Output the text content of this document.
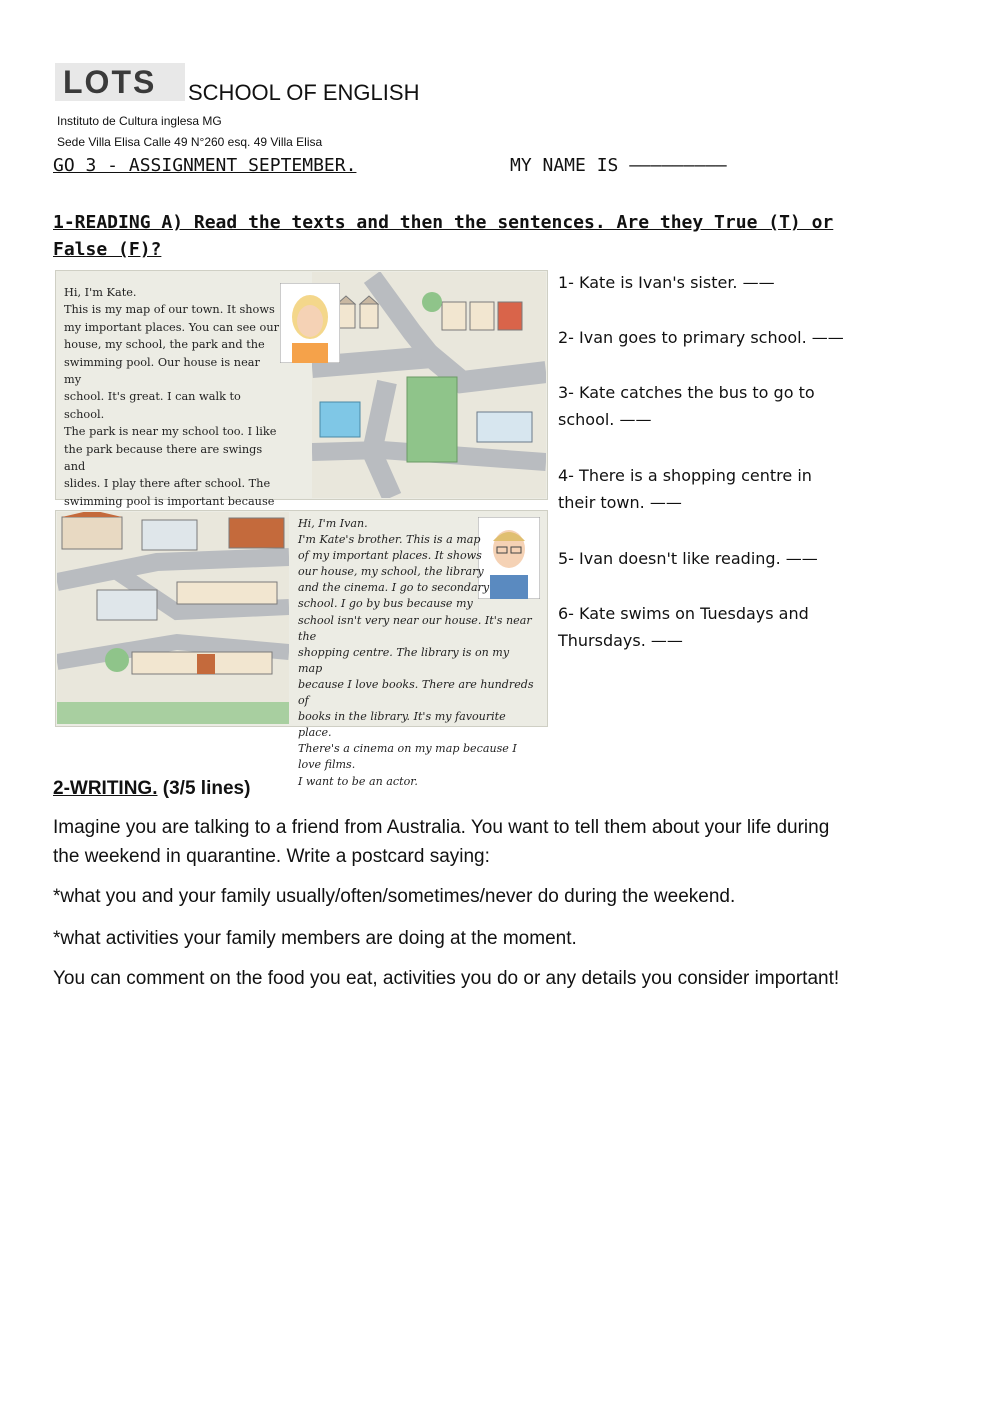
LOTS SCHOOL OF ENGLISH
Instituto de Cultura inglesa MG
Sede Villa Elisa Calle 49 N°260 esq. 49 Villa Elisa
GO 3 - ASSIGNMENT SEPTEMBER.	MY NAME IS —————————
1-READING A) Read the texts and then the sentences. Are they True (T) or False (F)?
Hi, I'm Kate.
This is my map of our town. It shows
my important places. You can see our
house, my school, the park and the
swimming pool. Our house is near my
school. It's great. I can walk to school.
The park is near my school too. I like
the park because there are swings and
slides. I play there after school. The
swimming pool is important because
Hi, I'm Ivan.
I'm Kate's brother. This is a map
of my important places. It shows
our house, my school, the library
and the cinema. I go to secondary
school. I go by bus because my
school isn't very near our house. It's near the
shopping centre. The library is on my map
because I love books. There are hundreds of
books in the library. It's my favourite place.
There's a cinema on my map because I love films.
I want to be an actor.
1- Kate is Ivan's sister. ——
2- Ivan goes to primary school. ——
3- Kate catches the bus to go to school. ——
4- There is a shopping centre in their town. ——
5- Ivan doesn't like reading. ——
6- Kate swims on Tuesdays and Thursdays. ——
2-WRITING. (3/5 lines)
Imagine you are talking to a friend from Australia. You want to tell them about your life during the weekend in quarantine. Write a postcard saying:
*what you and your family usually/often/sometimes/never do during the weekend.
*what activities your family members are doing at the moment.
You can comment on the food you eat, activities you do or any details you consider important!
